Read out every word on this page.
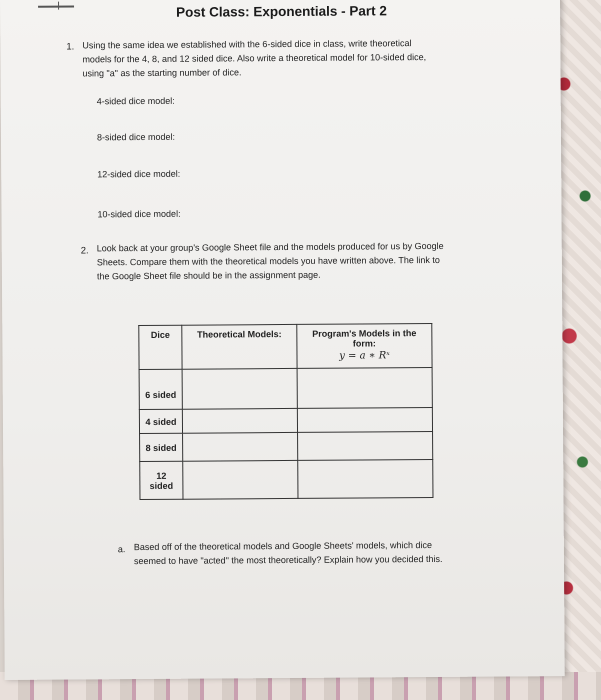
Post Class: Exponentials - Part 2
1. Using the same idea we established with the 6-sided dice in class, write theoretical
models for the 4, 8, and 12 sided dice. Also write a theoretical model for 10-sided dice,
using "a" as the starting number of dice.
4-sided dice model:
8-sided dice model:
12-sided dice model:
10-sided dice model:
2. Look back at your group's Google Sheet file and the models produced for us by Google
Sheets. Compare them with the theoretical models you have written above. The link to
the Google Sheet file should be in the assignment page.
Dice	Theoretical Models:	Program's Models in the
form:
y = a ∗ Rˣ

6 sided		
4 sided		
8 sided		
12 sided		
a. Based off of the theoretical models and Google Sheets' models, which dice
seemed to have "acted" the most theoretically? Explain how you decided this.
